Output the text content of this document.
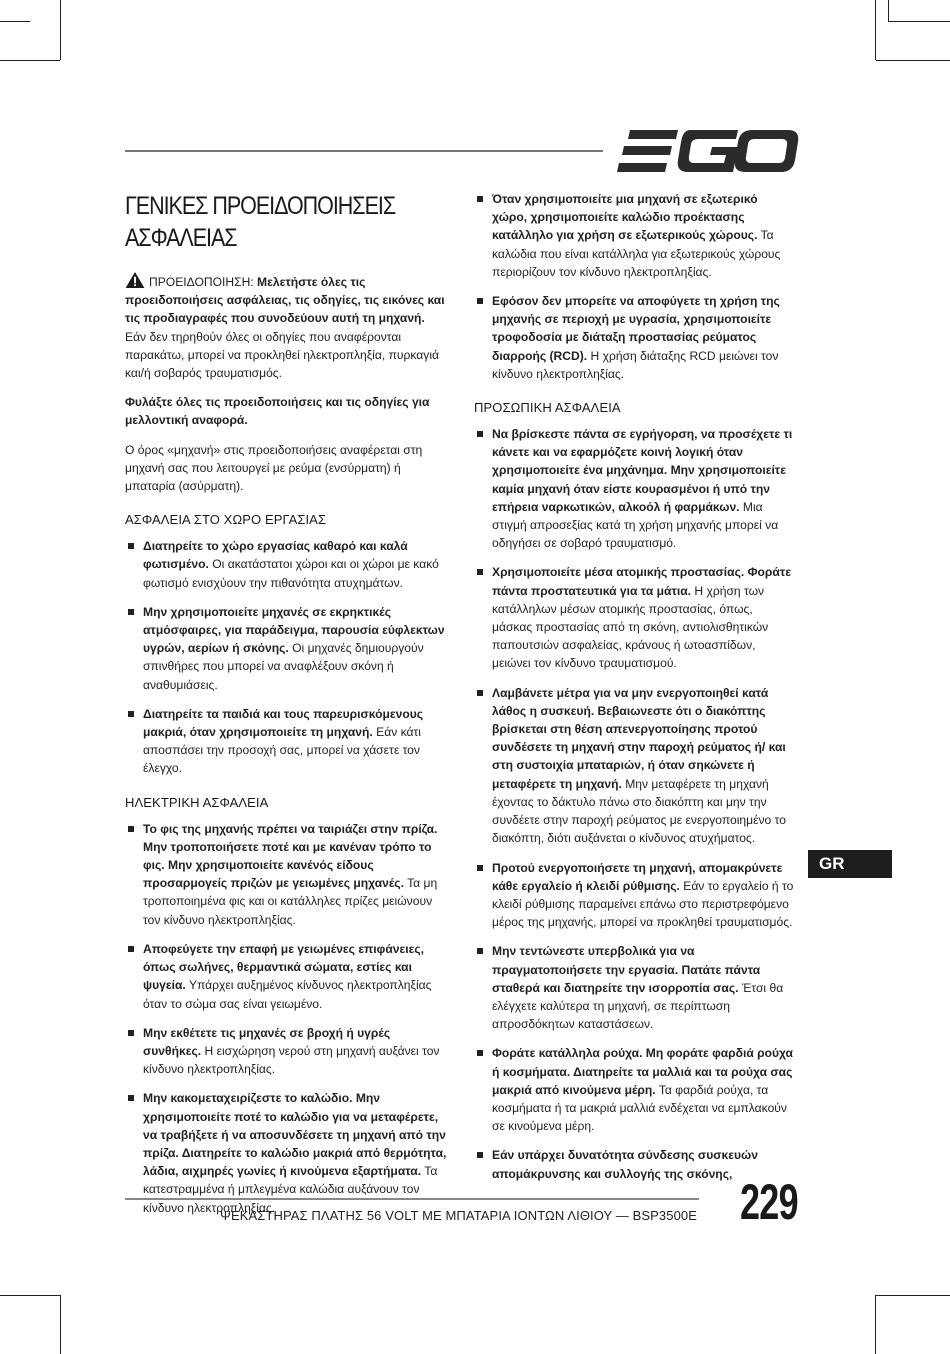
ΓΕΝΙΚΕΣ ΠΡΟΕΙΔΟΠΟΙΗΣΕΙΣ ΑΣΦΑΛΕΙΑΣ

ΠΡΟΕΙΔΟΠΟΙΗΣΗ: Μελετήστε όλες τις προειδοποιήσεις ασφάλειας, τις οδηγίες, τις εικόνες και τις προδιαγραφές που συνοδεύουν αυτή τη μηχανή. Εάν δεν τηρηθούν όλες οι οδηγίες που αναφέρονται παρακάτω, μπορεί να προκληθεί ηλεκτροπληξία, πυρκαγιά και/ή σοβαρός τραυματισμός.

Φυλάξτε όλες τις προειδοποιήσεις και τις οδηγίες για μελλοντική αναφορά.

Ο όρος «μηχανή» στις προειδοποιήσεις αναφέρεται στη μηχανή σας που λειτουργεί με ρεύμα (ενσύρματη) ή μπαταρία (ασύρματη).

ΑΣΦΑΛΕΙΑ ΣΤΟ ΧΩΡΟ ΕΡΓΑΣΙΑΣ
Διατηρείτε το χώρο εργασίας καθαρό και καλά φωτισμένο. Οι ακατάστατοι χώροι και οι χώροι με κακό φωτισμό ενισχύουν την πιθανότητα ατυχημάτων.
Μην χρησιμοποιείτε μηχανές σε εκρηκτικές ατμόσφαιρες, για παράδειγμα, παρουσία εύφλεκτων υγρών, αερίων ή σκόνης. Οι μηχανές δημιουργούν σπινθήρες που μπορεί να αναφλέξουν σκόνη ή αναθυμιάσεις.
Διατηρείτε τα παιδιά και τους παρευρισκόμενους μακριά, όταν χρησιμοποιείτε τη μηχανή. Εάν κάτι αποσπάσει την προσοχή σας, μπορεί να χάσετε τον έλεγχο.
ΗΛΕΚΤΡΙΚΗ ΑΣΦΑΛΕΙΑ
Το φις της μηχανής πρέπει να ταιριάζει στην πρίζα. Μην τροποποιήσετε ποτέ και με κανέναν τρόπο το φις. Μην χρησιμοποιείτε κανένός είδους προσαρμογείς πριζών με γειωμένες μηχανές. Τα μη τροποποιημένα φις και οι κατάλληλες πρίζες μειώνουν τον κίνδυνο ηλεκτροπληξίας.
Αποφεύγετε την επαφή με γειωμένες επιφάνειες, όπως σωλήνες, θερμαντικά σώματα, εστίες και ψυγεία. Υπάρχει αυξημένος κίνδυνος ηλεκτροπληξίας όταν το σώμα σας είναι γειωμένο.
Μην εκθέτετε τις μηχανές σε βροχή ή υγρές συνθήκες. Η εισχώρηση νερού στη μηχανή αυξάνει τον κίνδυνο ηλεκτροπληξίας.
Μην κακομεταχειρίζεστε το καλώδιο. Μην χρησιμοποιείτε ποτέ το καλώδιο για να μεταφέρετε, να τραβήξετε ή να αποσυνδέσετε τη μηχανή από την πρίζα. Διατηρείτε το καλώδιο μακριά από θερμότητα, λάδια, αιχμηρές γωνίες ή κινούμενα εξαρτήματα. Τα κατεστραμμένα ή μπλεγμένα καλώδια αυξάνουν τον κίνδυνο ηλεκτροπληξίας.
Όταν χρησιμοποιείτε μια μηχανή σε εξωτερικό χώρο, χρησιμοποιείτε καλώδιο προέκτασης κατάλληλο για χρήση σε εξωτερικούς χώρους. Τα καλώδια που είναι κατάλληλα για εξωτερικούς χώρους περιορίζουν τον κίνδυνο ηλεκτροπληξίας.
Εφόσον δεν μπορείτε να αποφύγετε τη χρήση της μηχανής σε περιοχή με υγρασία, χρησιμοποιείτε τροφοδοσία με διάταξη προστασίας ρεύματος διαρροής (RCD). Η χρήση διάταξης RCD μειώνει τον κίνδυνο ηλεκτροπληξίας.
ΠΡΟΣΩΠΙΚΗ ΑΣΦΑΛΕΙΑ
Να βρίσκεστε πάντα σε εγρήγορση, να προσέχετε τι κάνετε και να εφαρμόζετε κοινή λογική όταν χρησιμοποιείτε ένα μηχάνημα. Μην χρησιμοποιείτε καμία μηχανή όταν είστε κουρασμένοι ή υπό την επήρεια ναρκωτικών, αλκοόλ ή φαρμάκων. Μια στιγμή απροσεξίας κατά τη χρήση μηχανής μπορεί να οδηγήσει σε σοβαρό τραυματισμό.
Χρησιμοποιείτε μέσα ατομικής προστασίας. Φοράτε πάντα προστατευτικά για τα μάτια. Η χρήση των κατάλληλων μέσων ατομικής προστασίας, όπως, μάσκας προστασίας από τη σκόνη, αντιολισθητικών παπουτσιών ασφαλείας, κράνους ή ωτοασπίδων, μειώνει τον κίνδυνο τραυματισμού.
Λαμβάνετε μέτρα για να μην ενεργοποιηθεί κατά λάθος η συσκευή. Βεβαιωνεστε ότι ο διακόπτης βρίσκεται στη θέση απενεργοποίησης προτού συνδέσετε τη μηχανή στην παροχή ρεύματος ή/ και στη συστοιχία μπαταριών, ή όταν σηκώνετε ή μεταφέρετε τη μηχανή. Μην μεταφέρετε τη μηχανή έχοντας το δάκτυλο πάνω στο διακόπτη και μην την συνδέετε στην παροχή ρεύματος με ενεργοποιημένο το διακόπτη, διότι αυξάνεται ο κίνδυνος ατυχήματος.
Προτού ενεργοποιήσετε τη μηχανή, απομακρύνετε κάθε εργαλείο ή κλειδί ρύθμισης. Εάν το εργαλείο ή το κλειδί ρύθμισης παραμείνει επάνω στο περιστρεφόμενο μέρος της μηχανής, μπορεί να προκληθεί τραυματισμός.
Μην τεντώνεστε υπερβολικά για να πραγματοποιήσετε την εργασία. Πατάτε πάντα σταθερά και διατηρείτε την ισορροπία σας. Έτσι θα ελέγχετε καλύτερα τη μηχανή, σε περίπτωση απροσδόκητων καταστάσεων.
Φοράτε κατάλληλα ρούχα. Μη φοράτε φαρδιά ρούχα ή κοσμήματα. Διατηρείτε τα μαλλιά και τα ρούχα σας μακριά από κινούμενα μέρη. Τα φαρδιά ρούχα, τα κοσμήματα ή τα μακριά μαλλιά ενδέχεται να εμπλακούν σε κινούμενα μέρη.
Εάν υπάρχει δυνατότητα σύνδεσης συσκευών απομάκρυνσης και συλλογής της σκόνης,
GR
ΨΕΚΑΣΤΗΡΑΣ ΠΛΑΤΗΣ 56 VOLT ΜΕ ΜΠΑΤΑΡΙΑ ΙΟΝΤΩΝ ΛΙΘΙΟΥ — BSP3500E 229
